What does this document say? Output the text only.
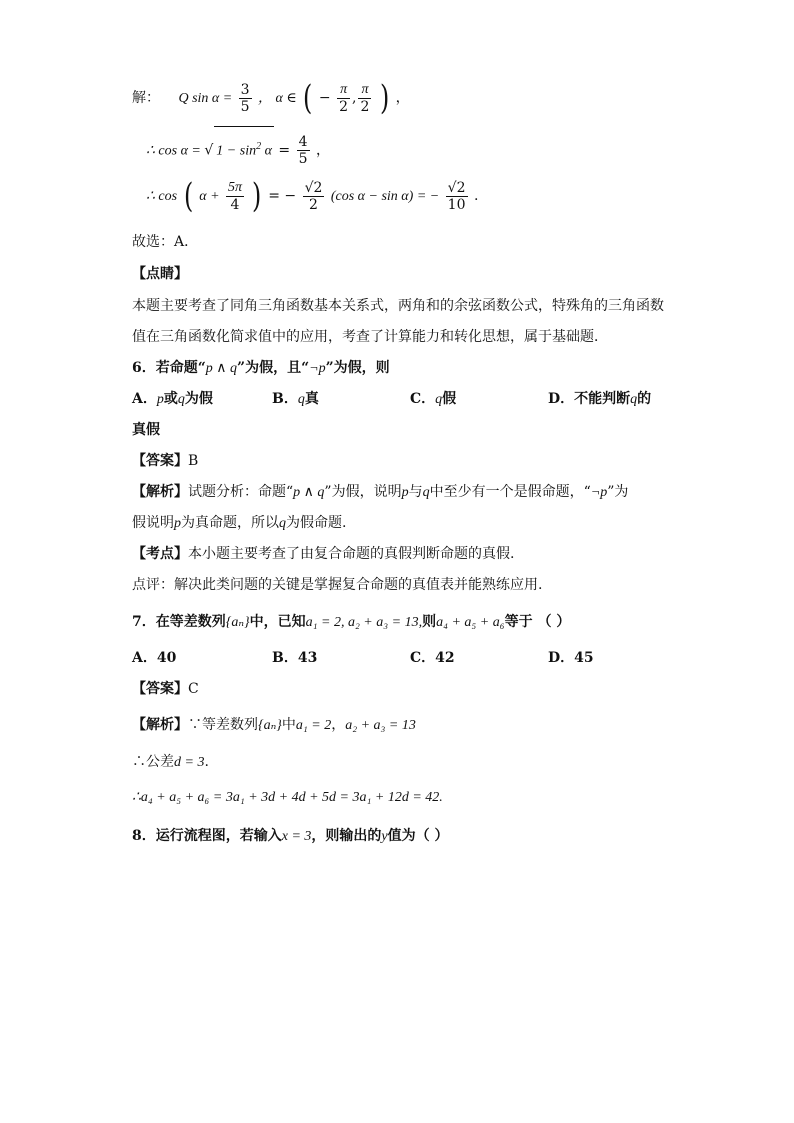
解： Q $\sin \alpha = \frac{3}{5}$ ， α ∈ ( − $\frac{\pi}{2}$ , $\frac{\pi}{2}$ ) ，
∴ cos α = √ $1 - \sin^2 \alpha = \frac{4}{5}$ ，
∴ cos ( $\alpha + \frac{5\pi}{4}$ ) = − $\frac{√2}{2} (\cos$ α − sin α) = − $\frac{√2}{10}$ .
故选：A．
【点睛】
本题主要考查了同角三角函数基本关系式，两角和的余弦函数公式，特殊角的三角函数
值在三角函数化简求值中的应用，考查了计算能力和转化思想，属于基础题．
6．若命题“p ∧ q”为假，且“¬p”为假，则
A．p或q为假	B．q真	C．q假	D．不能判断q的
真假
【答案】B
【解析】试题分析：命题“p ∧ q”为假，说明p与q中至少有一个是假命题，“¬p”为
假说明p为真命题，所以q为假命题.
【考点】本小题主要考查了由复合命题的真假判断命题的真假.
点评：解决此类问题的关键是掌握复合命题的真值表并能熟练应用.
7．在等差数列{aₙ}中，已知a₁ = 2, a₂ + a₃ = 13,则a₄ + a₅ + a₆等于 （ ）
A．40	B．43	C．42	D．45
【答案】C
【解析】∵等差数列{aₙ}中a₁ = 2，a₂ + a₃ = 13
∴公差d = 3.
∴a₄ + a₅ + a₆ = 3a₁ + 3d + 4d + 5d = 3a₁ + 12d = 42.
8．运行流程图，若输入x = 3，则输出的y值为（ ）
